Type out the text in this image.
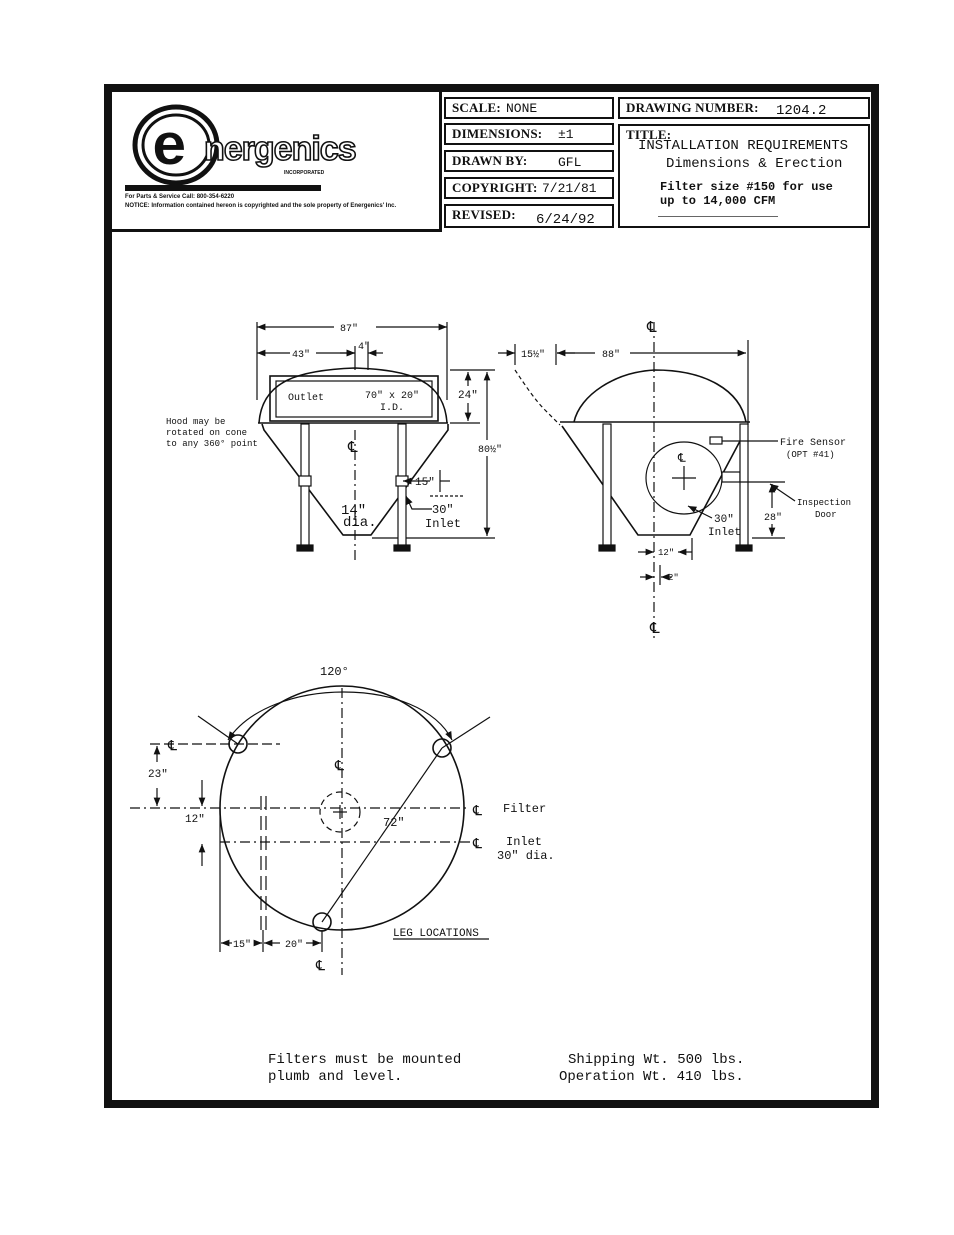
e nergenics
INCORPORATED
For Parts & Service Call: 800-354-6220
NOTICE: Information contained hereon is copyrighted and the sole property of Energenics' Inc.
SCALE: NONE
DIMENSIONS: ±1
DRAWN BY: GFL
COPYRIGHT: 7/21/81
REVISED: 6/24/92
DRAWING NUMBER: 1204.2
TITLE:
INSTALLATION REQUIREMENTS
Dimensions & Erection
Filter size #150 for use
up to 14,000 CFM
87"
43"
4"
Outlet	70" x 20"
I.D.
24"
80½"
℄
15"
14"
dia.
30"
Inlet
Hood may be
rotated on cone
to any 360° point
15½"	88"
℄
℄
℄
Fire Sensor
(OPT #41)
Inspection
Door
28"
30"
Inlet
12"
2"
120°
72"
℄
℄ Filter
℄ Inlet
30" dia.
℄
23"
12"
15"	20"
℄
LEG LOCATIONS
Filters must be mounted
plumb and level.
Shipping Wt. 500 lbs.
Operation Wt. 410 lbs.
